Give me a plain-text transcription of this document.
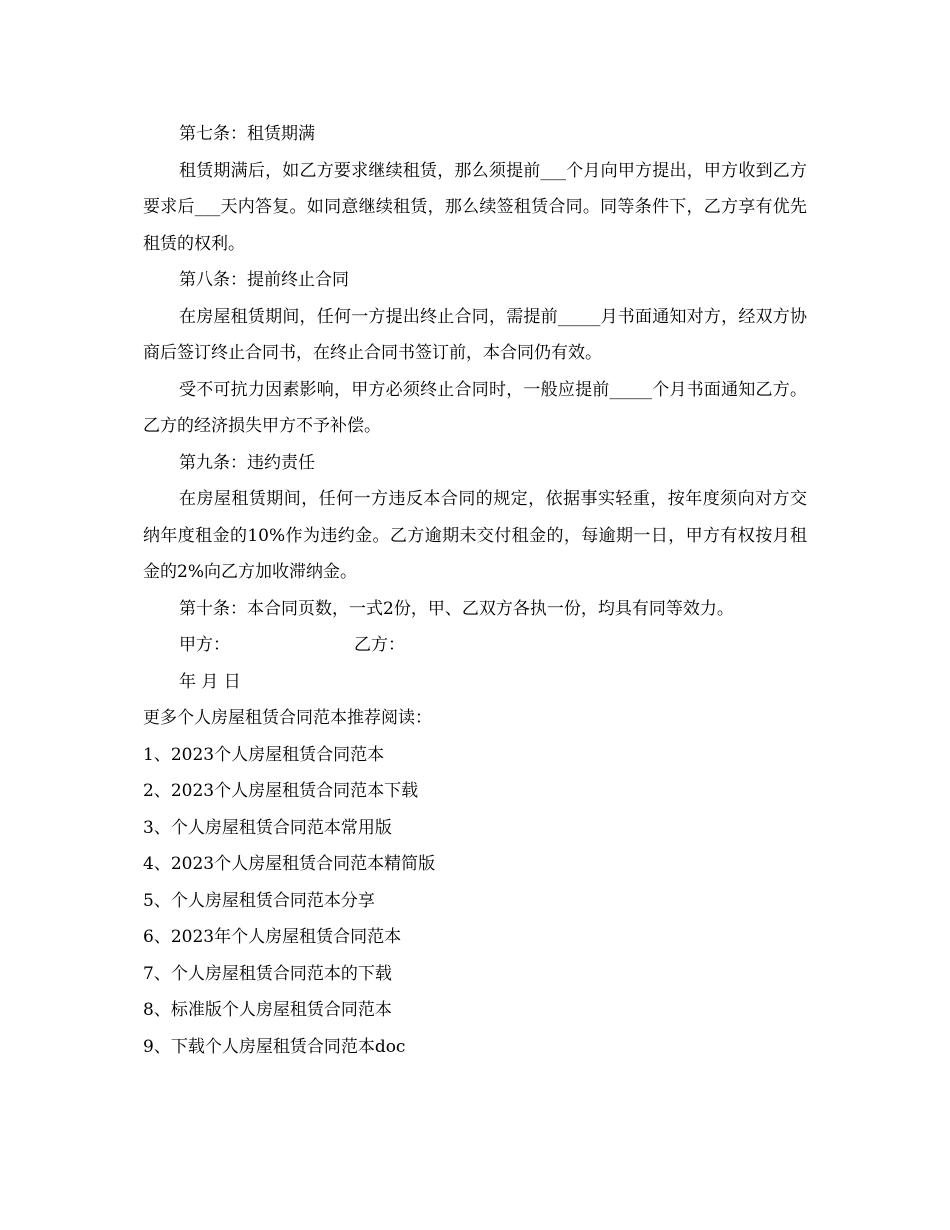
第七条：租赁期满

租赁期满后，如乙方要求继续租赁，那么须提前___个月向甲方提出，甲方收到乙方要求后___天内答复。如同意继续租赁，那么续签租赁合同。同等条件下，乙方享有优先租赁的权利。

第八条：提前终止合同

在房屋租赁期间，任何一方提出终止合同，需提前_____月书面通知对方，经双方协商后签订终止合同书，在终止合同书签订前，本合同仍有效。

受不可抗力因素影响，甲方必须终止合同时，一般应提前_____个月书面通知乙方。乙方的经济损失甲方不予补偿。

第九条：违约责任

在房屋租赁期间，任何一方违反本合同的规定，依据事实轻重，按年度须向对方交纳年度租金的10%作为违约金。乙方逾期未交付租金的，每逾期一日，甲方有权按月租金的2%向乙方加收滞纳金。

第十条：本合同页数，一式2份，甲、乙双方各执一份，均具有同等效力。

甲方：	乙方：

年 月 日

更多个人房屋租赁合同范本推荐阅读：

1、2023个人房屋租赁合同范本

2、2023个人房屋租赁合同范本下载

3、个人房屋租赁合同范本常用版

4、2023个人房屋租赁合同范本精简版

5、个人房屋租赁合同范本分享

6、2023年个人房屋租赁合同范本

7、个人房屋租赁合同范本的下载

8、标准版个人房屋租赁合同范本

9、下载个人房屋租赁合同范本doc
